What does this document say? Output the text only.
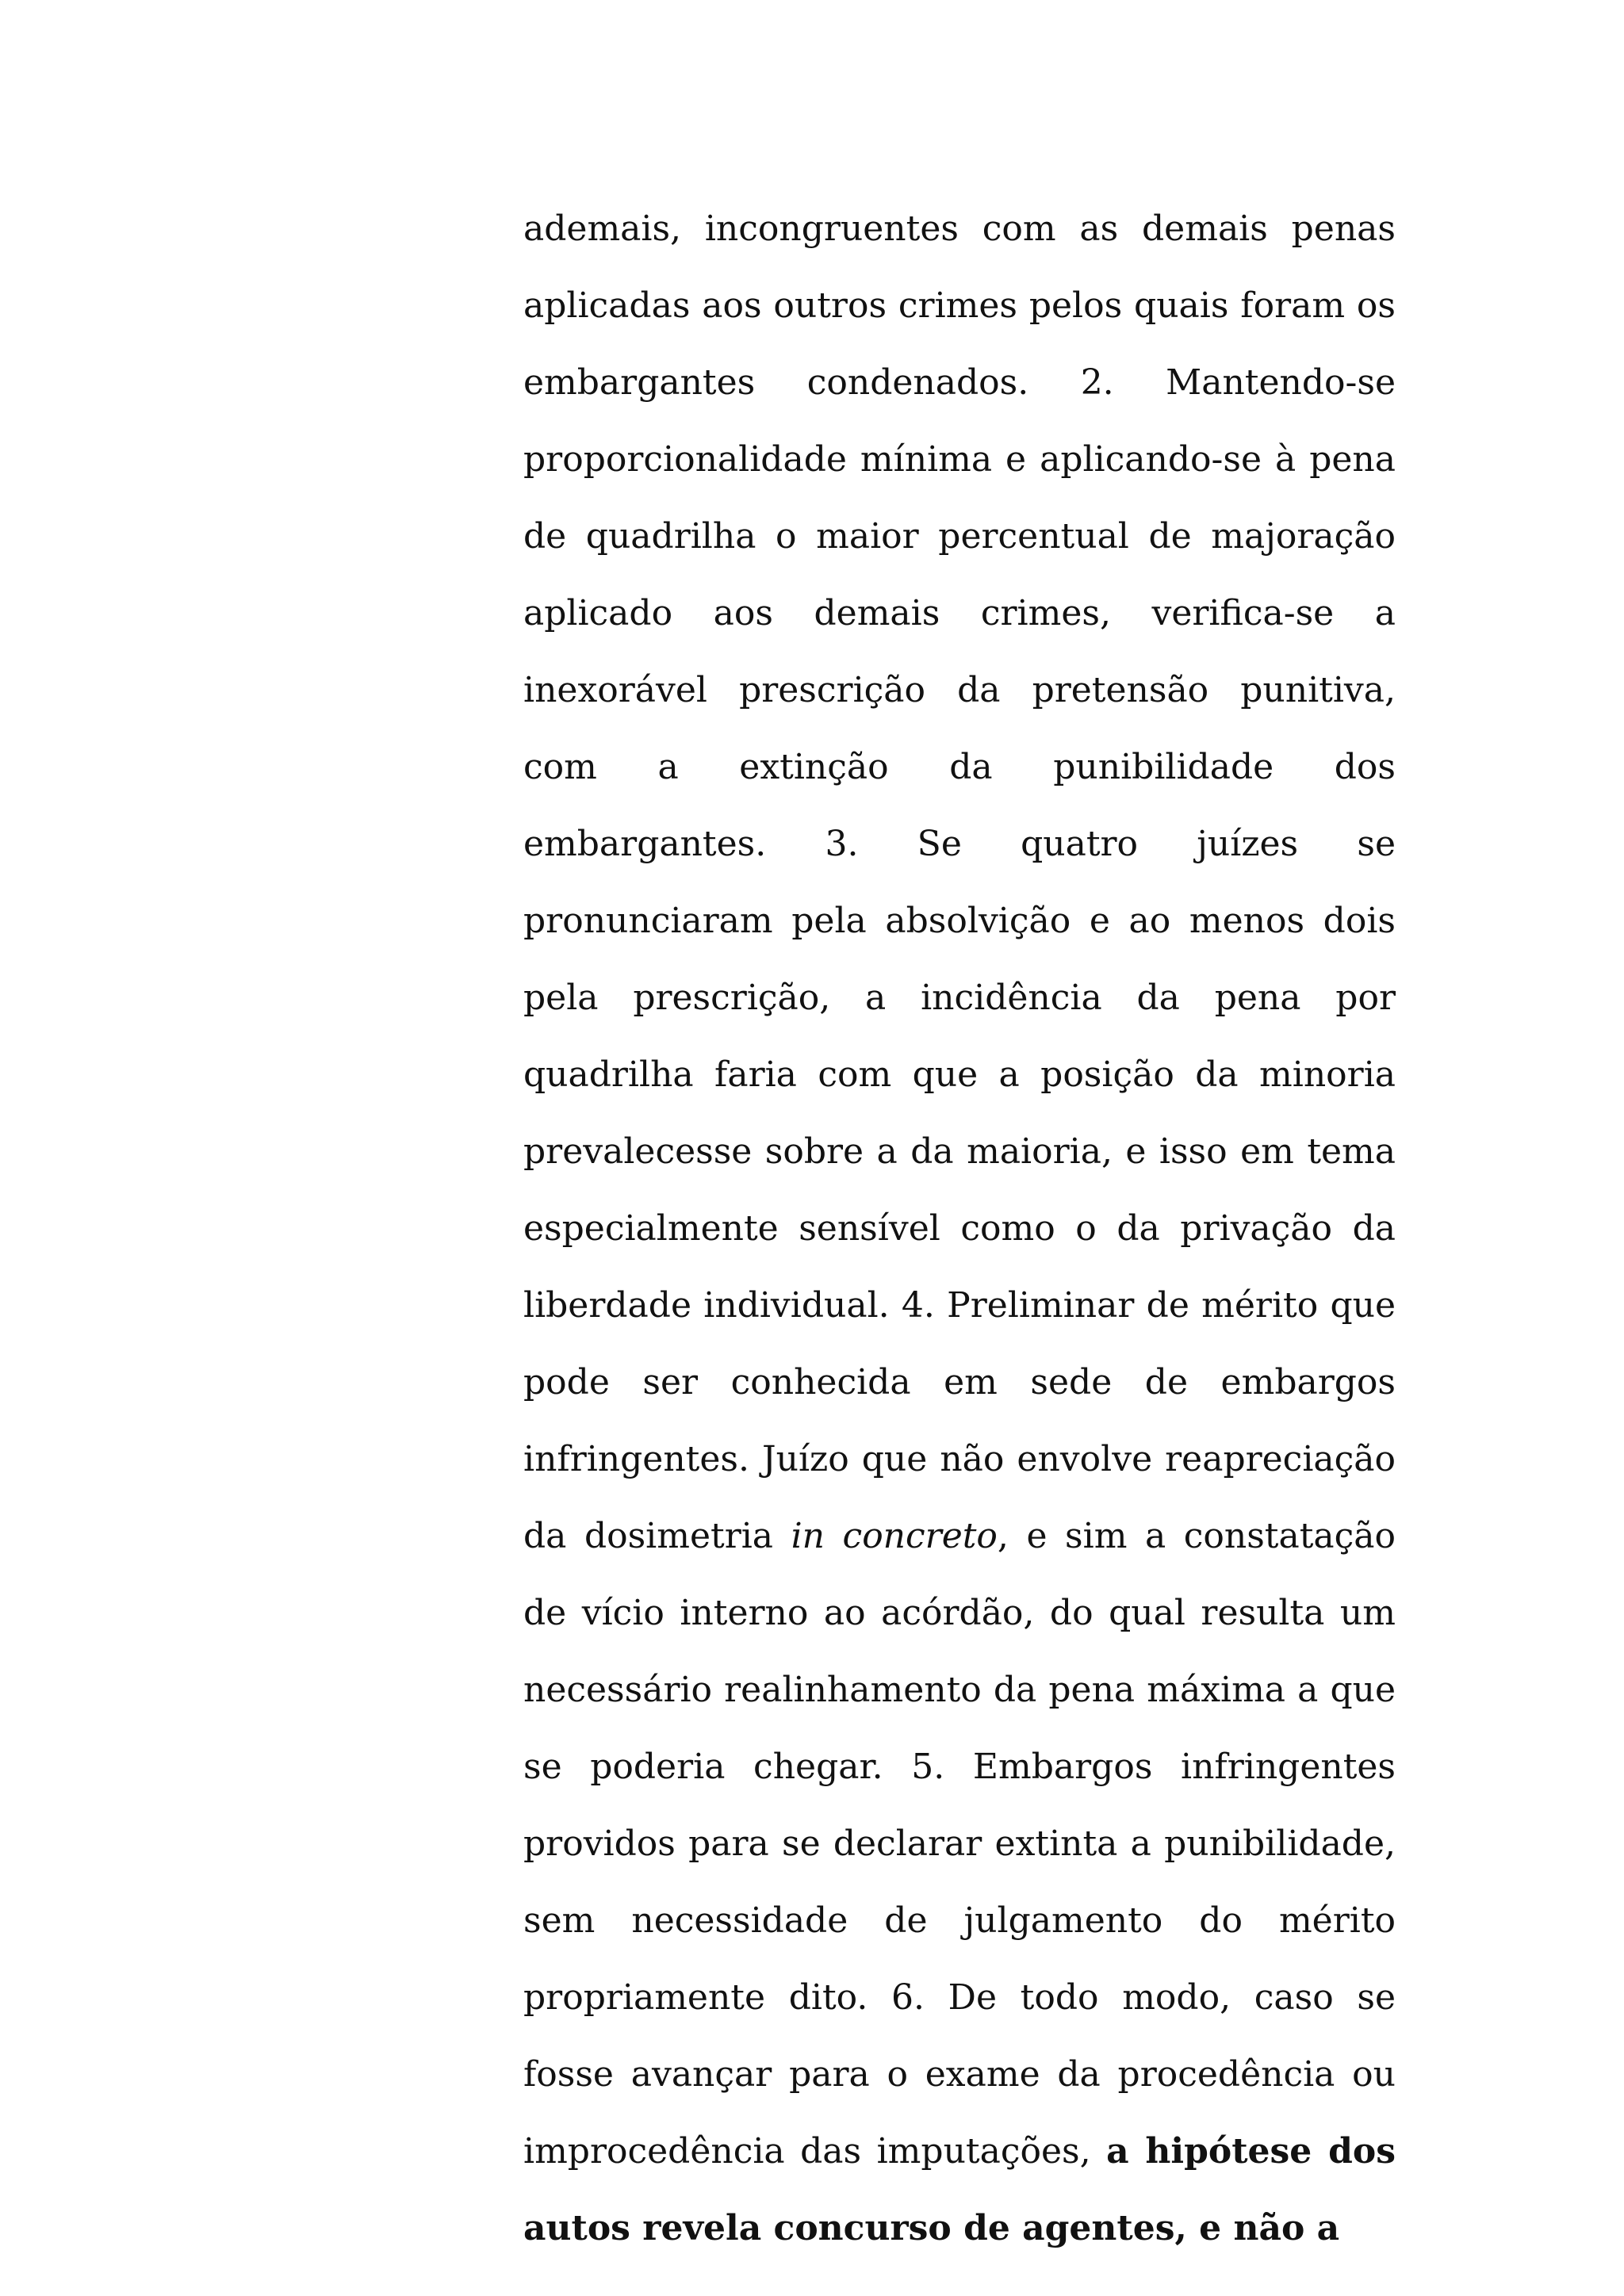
ademais, incongruentes com as demais penas aplicadas aos outros crimes pelos quais foram os embargantes condenados. 2. Mantendo-se proporcionalidade mínima e aplicando-se à pena de quadrilha o maior percentual de majoração aplicado aos demais crimes, verifica-se a inexorável prescrição da pretensão punitiva, com a extinção da punibilidade dos embargantes. 3. Se quatro juízes se pronunciaram pela absolvição e ao menos dois pela prescrição, a incidência da pena por quadrilha faria com que a posição da minoria prevalecesse sobre a da maioria, e isso em tema especialmente sensível como o da privação da liberdade individual. 4. Preliminar de mérito que pode ser conhecida em sede de embargos infringentes. Juízo que não envolve reapreciação da dosimetria in concreto, e sim a constatação de vício interno ao acórdão, do qual resulta um necessário realinhamento da pena máxima a que se poderia chegar. 5. Embargos infringentes providos para se declarar extinta a punibilidade, sem necessidade de julgamento do mérito propriamente dito. 6. De todo modo, caso se fosse avançar para o exame da procedência ou improcedência das imputações, a hipótese dos autos revela concurso de agentes, e não a
